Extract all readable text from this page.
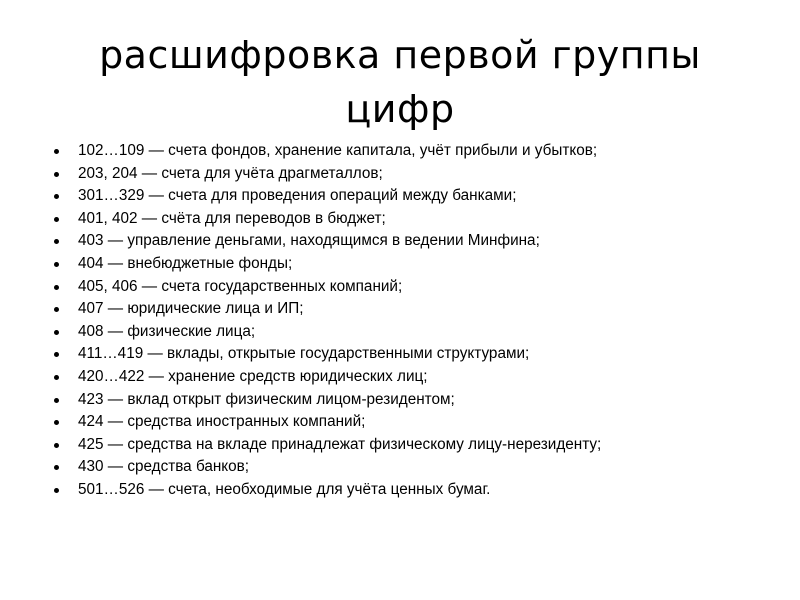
расшифровка первой группы цифр
102…109 — счета фондов, хранение капитала, учёт прибыли и убытков;
203, 204 — счета для учёта драгметаллов;
301…329 — счета для проведения операций между банками;
401, 402 — счёта для переводов в бюджет;
403 — управление деньгами, находящимся в ведении Минфина;
404 — внебюджетные фонды;
405, 406 — счета государственных компаний;
407 — юридические лица и ИП;
408 — физические лица;
411…419 — вклады, открытые государственными структурами;
420…422 — хранение средств юридических лиц;
423 — вклад открыт физическим лицом-резидентом;
424 — средства иностранных компаний;
425 — средства на вкладе принадлежат физическому лицу-нерезиденту;
430 — средства банков;
501…526 — счета, необходимые для учёта ценных бумаг.
